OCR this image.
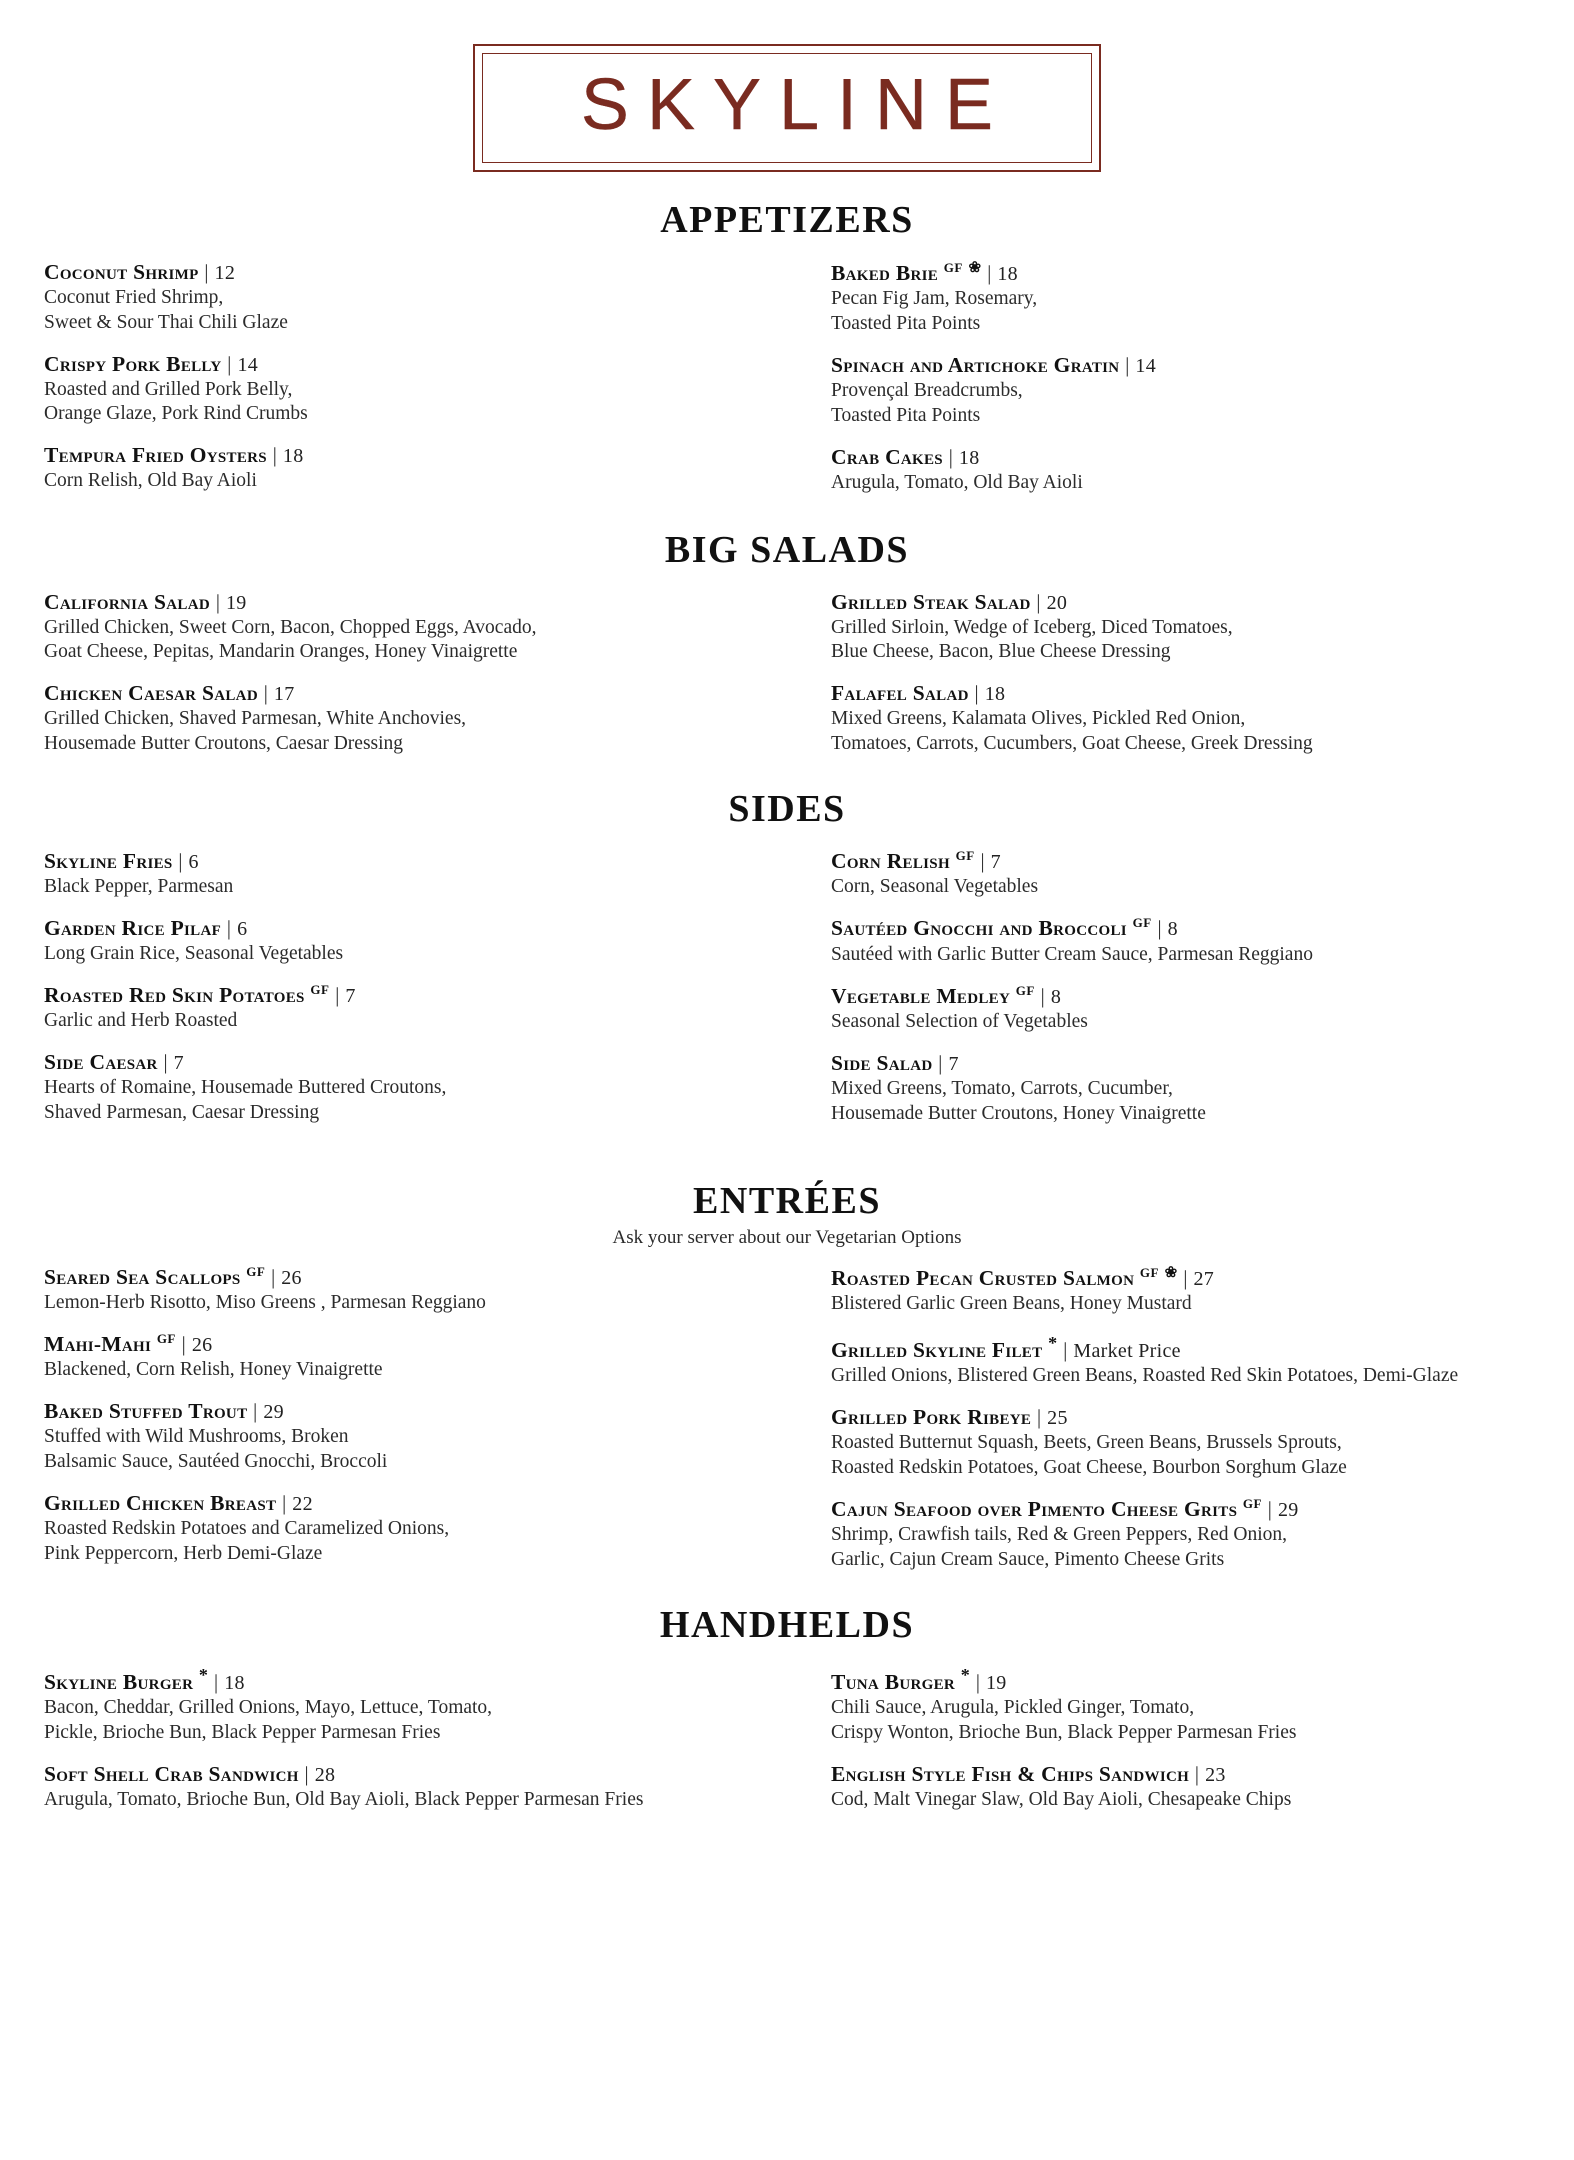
SKYLINE
APPETIZERS
Coconut Shrimp | 12
Coconut Fried Shrimp,
Sweet & Sour Thai Chili Glaze
Crispy Pork Belly | 14
Roasted and Grilled Pork Belly,
Orange Glaze, Pork Rind Crumbs
Tempura Fried Oysters | 18
Corn Relish, Old Bay Aioli
Baked Brie $^{GF}$ ❀ | 18
Pecan Fig Jam, Rosemary,
Toasted Pita Points
Spinach and Artichoke Gratin | 14
Provençal Breadcrumbs,
Toasted Pita Points
Crab Cakes | 18
Arugula, Tomato, Old Bay Aioli
BIG SALADS
California Salad | 19
Grilled Chicken, Sweet Corn, Bacon, Chopped Eggs, Avocado,
Goat Cheese, Pepitas, Mandarin Oranges, Honey Vinaigrette
Chicken Caesar Salad | 17
Grilled Chicken, Shaved Parmesan, White Anchovies,
Housemade Butter Croutons, Caesar Dressing
Grilled Steak Salad | 20
Grilled Sirloin, Wedge of Iceberg, Diced Tomatoes,
Blue Cheese, Bacon, Blue Cheese Dressing
Falafel Salad | 18
Mixed Greens, Kalamata Olives, Pickled Red Onion,
Tomatoes, Carrots, Cucumbers, Goat Cheese, Greek Dressing
SIDES
Skyline Fries | 6
Black Pepper, Parmesan
Garden Rice Pilaf | 6
Long Grain Rice, Seasonal Vegetables
Roasted Red Skin Potatoes $^{GF}$ | 7
Garlic and Herb Roasted
Side Caesar | 7
Hearts of Romaine, Housemade Buttered Croutons,
Shaved Parmesan, Caesar Dressing
Corn Relish $^{GF}$ | 7
Corn, Seasonal Vegetables
Sautéed Gnocchi and Broccoli $^{GF}$ | 8
Sautéed with Garlic Butter Cream Sauce, Parmesan Reggiano
Vegetable Medley $^{GF}$ | 8
Seasonal Selection of Vegetables
Side Salad | 7
Mixed Greens, Tomato, Carrots, Cucumber,
Housemade Butter Croutons, Honey Vinaigrette
ENTRÉES
Ask your server about our Vegetarian Options
Seared Sea Scallops $^{GF}$ | 26
Lemon-Herb Risotto, Miso Greens , Parmesan Reggiano
Mahi-Mahi $^{GF}$ | 26
Blackened, Corn Relish, Honey Vinaigrette
Baked Stuffed Trout | 29
Stuffed with Wild Mushrooms, Broken
Balsamic Sauce, Sautéed Gnocchi, Broccoli
Grilled Chicken Breast | 22
Roasted Redskin Potatoes and Caramelized Onions,
Pink Peppercorn, Herb Demi-Glaze
Roasted Pecan Crusted Salmon $^{GF}$ ❀ | 27
Blistered Garlic Green Beans, Honey Mustard
Grilled Skyline Filet * | Market Price
Grilled Onions, Blistered Green Beans, Roasted Red Skin Potatoes, Demi-Glaze
Grilled Pork Ribeye | 25
Roasted Butternut Squash, Beets, Green Beans, Brussels Sprouts,
Roasted Redskin Potatoes, Goat Cheese, Bourbon Sorghum Glaze
Cajun Seafood over Pimento Cheese Grits $^{GF}$ | 29
Shrimp, Crawfish tails, Red & Green Peppers, Red Onion,
Garlic, Cajun Cream Sauce, Pimento Cheese Grits
HANDHELDS
Skyline Burger * | 18
Bacon, Cheddar, Grilled Onions, Mayo, Lettuce, Tomato,
Pickle, Brioche Bun, Black Pepper Parmesan Fries
Soft Shell Crab Sandwich | 28
Arugula, Tomato, Brioche Bun, Old Bay Aioli, Black Pepper Parmesan Fries
Tuna Burger * | 19
Chili Sauce, Arugula, Pickled Ginger, Tomato,
Crispy Wonton, Brioche Bun, Black Pepper Parmesan Fries
English Style Fish & Chips Sandwich | 23
Cod, Malt Vinegar Slaw, Old Bay Aioli, Chesapeake Chips
